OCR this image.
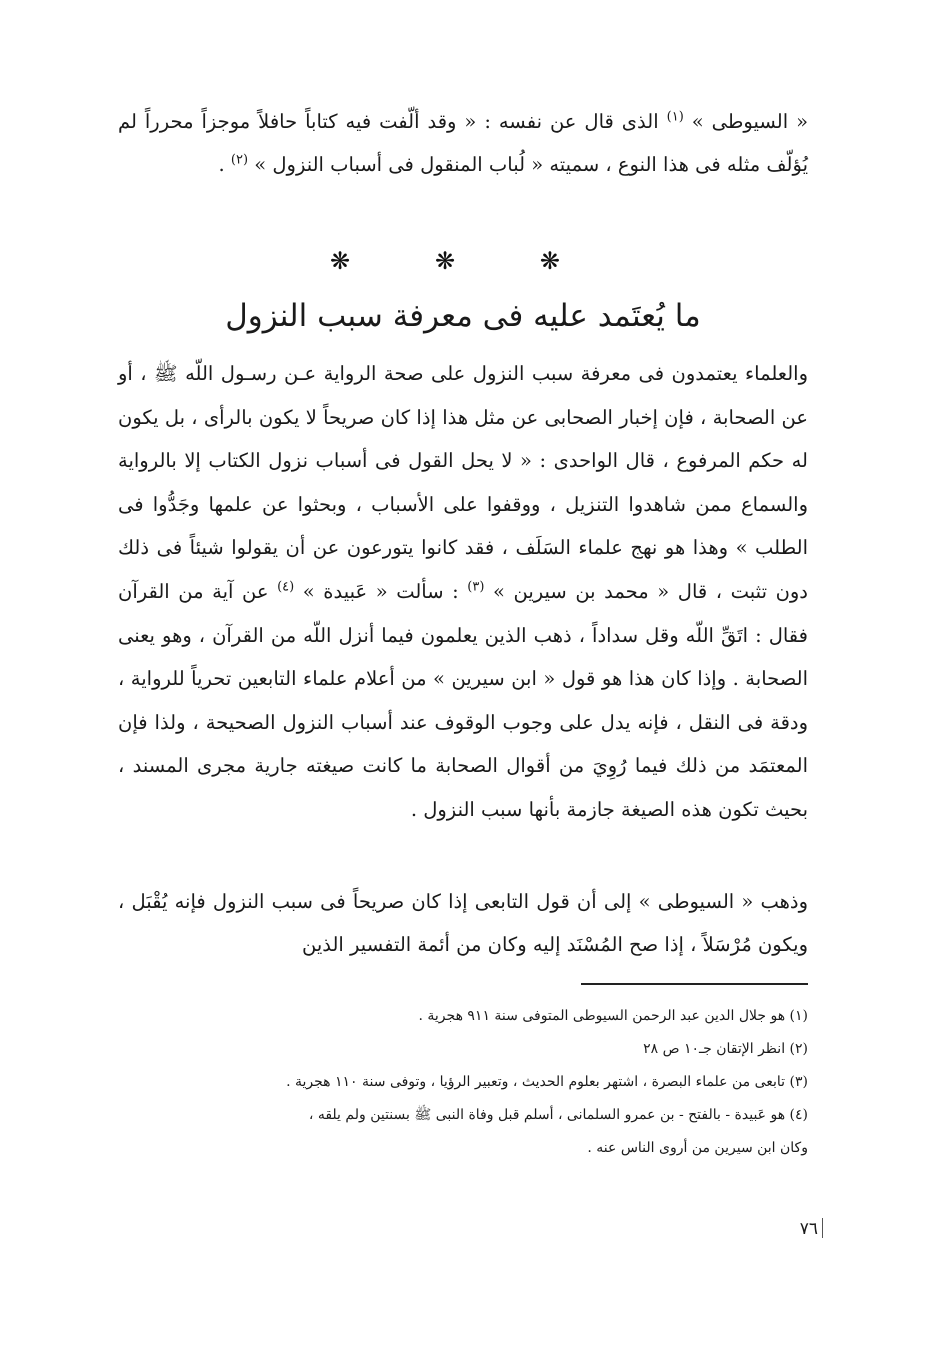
« السيوطى » $^{(١)}$ الذى قال عن نفسه : « وقد ألّفت فيه كتاباً حافلاً موجزاً محرراً لم يُؤلّف مثله فى هذا النوع ، سميته « لُباب المنقول فى أسباب النزول » $^{(٢)}$ .

❋	❋	❋
ما يُعتَمد عليه فى معرفة سبب النزول

والعلماء يعتمدون فى معرفة سبب النزول على صحة الرواية عـن رسـول اللّه ﷺ ، أو عن الصحابة ، فإن إخبار الصحابى عن مثل هذا إذا كان صريحاً لا يكون بالرأى ، بل يكون له حكم المرفوع ، قال الواحدى : « لا يحل القول فى أسباب نزول الكتاب إلا بالرواية والسماع ممن شاهدوا التنزيل ، ووقفوا على الأسباب ، وبحثوا عن علمها وجَدُّوا فى الطلب » وهذا هو نهج علماء السَلَف ، فقد كانوا يتورعون عن أن يقولوا شيئاً فى ذلك دون تثبت ، قال « محمد بن سيرين » $^{(٣)}$ : سألت « عَبيدة » $^{(٤)}$ عن آية من القرآن فقال : اتَقِّ اللّه وقل سداداً ، ذهب الذين يعلمون فيما أنزل اللّه من القرآن ، وهو يعنى الصحابة . وإذا كان هذا هو قول « ابن سيرين » من أعلام علماء التابعين تحرياً للرواية ، ودقة فى النقل ، فإنه يدل على وجوب الوقوف عند أسباب النزول الصحيحة ، ولذا فإن المعتمَد من ذلك فيما رُوِيَ من أقوال الصحابة ما كانت صيغته جارية مجرى المسند ، بحيث تكون هذه الصيغة جازمة بأنها سبب النزول .

وذهب « السيوطى » إلى أن قول التابعى إذا كان صريحاً فى سبب النزول فإنه يُقْبَل ، ويكون مُرْسَلاً ، إذا صح المُسْنَد إليه وكان من أئمة التفسير الذين

(١) هو جلال الدين عبد الرحمن السيوطى المتوفى سنة ٩١١ هجرية .

(٢) انظر الإتقان جـ١٠ ص ٢٨

(٣) تابعى من علماء البصرة ، اشتهر بعلوم الحديث ، وتعبير الرؤيا ، وتوفى سنة ١١٠ هجرية .

(٤) هو عَبيدة - بالفتح - بن عمرو السلمانى ، أسلم قبل وفاة النبى ﷺ بسنتين ولم يلقه ،

وكان ابن سيرين من أروى الناس عنه .

٧٦
